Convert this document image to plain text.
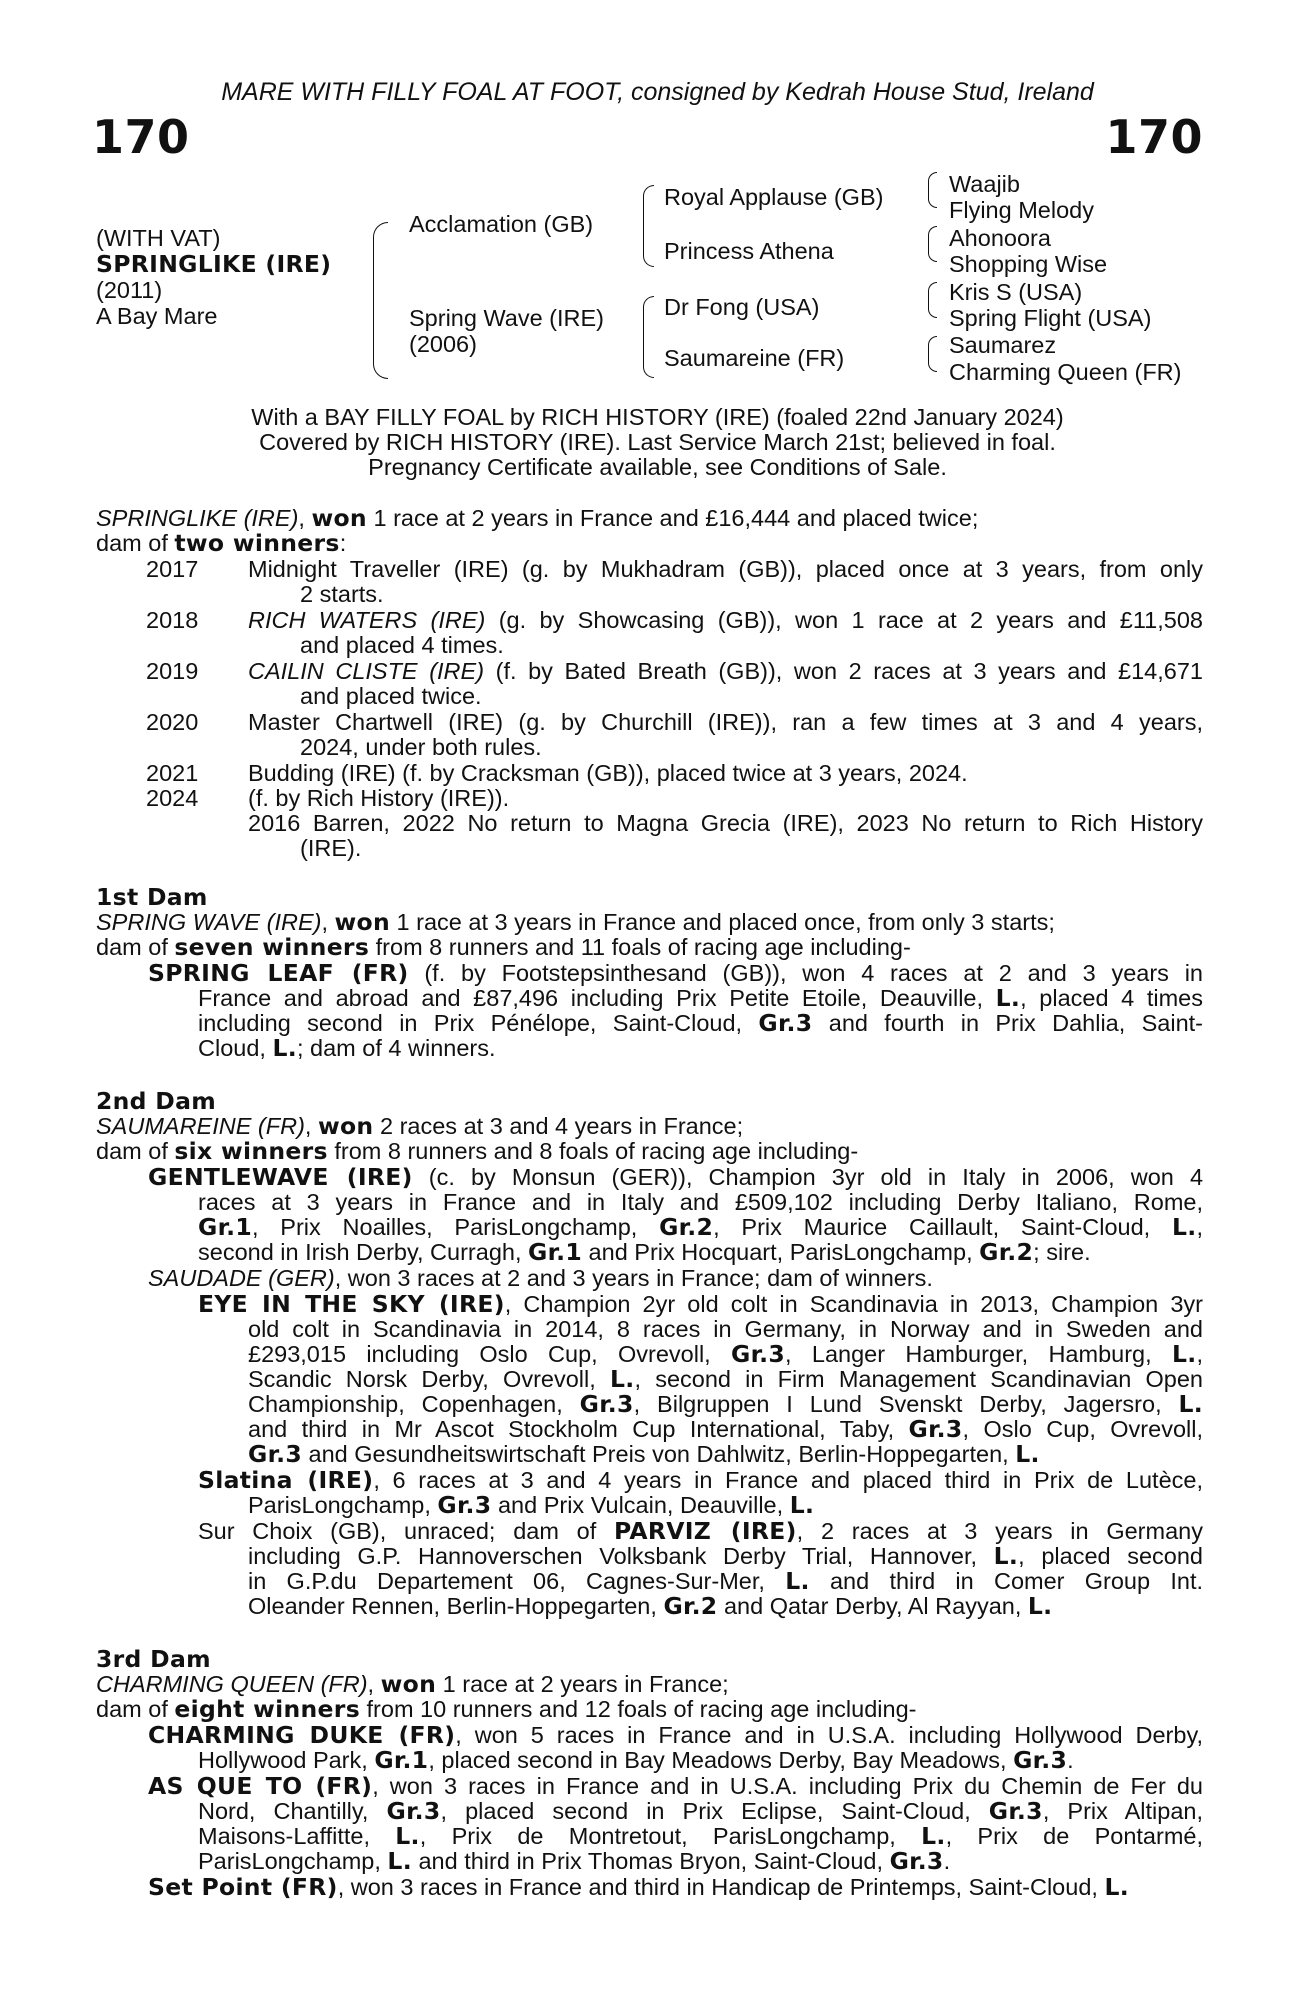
MARE WITH FILLY FOAL AT FOOT, consigned by Kedrah House Stud, Ireland
170	170
(WITH VAT)
SPRINGLIKE (IRE)
(2011)
A Bay Mare
Acclamation (GB)
Spring Wave (IRE)
(2006)
Royal Applause (GB)
Princess Athena
Dr Fong (USA)
Saumareine (FR)
Waajib
Flying Melody
Ahonoora
Shopping Wise
Kris S (USA)
Spring Flight (USA)
Saumarez
Charming Queen (FR)
With a BAY FILLY FOAL by RICH HISTORY (IRE) (foaled 22nd January 2024)
Covered by RICH HISTORY (IRE). Last Service March 21st; believed in foal.
Pregnancy Certificate available, see Conditions of Sale.
SPRINGLIKE (IRE), won 1 race at 2 years in France and £16,444 and placed twice;
dam of two winners:
2017 Midnight Traveller (IRE) (g. by Mukhadram (GB)), placed once at 3 years, from only
2 starts.
2018 RICH WATERS (IRE) (g. by Showcasing (GB)), won 1 race at 2 years and £11,508
and placed 4 times.
2019 CAILIN CLISTE (IRE) (f. by Bated Breath (GB)), won 2 races at 3 years and £14,671
and placed twice.
2020 Master Chartwell (IRE) (g. by Churchill (IRE)), ran a few times at 3 and 4 years,
2024, under both rules.
2021 Budding (IRE) (f. by Cracksman (GB)), placed twice at 3 years, 2024.
2024 (f. by Rich History (IRE)).
2016 Barren, 2022 No return to Magna Grecia (IRE), 2023 No return to Rich History
(IRE).
1st Dam
SPRING WAVE (IRE), won 1 race at 3 years in France and placed once, from only 3 starts;
dam of seven winners from 8 runners and 11 foals of racing age including-
SPRING LEAF (FR) (f. by Footstepsinthesand (GB)), won 4 races at 2 and 3 years in
France and abroad and £87,496 including Prix Petite Etoile, Deauville, L., placed 4 times
including second in Prix Pénélope, Saint-Cloud, Gr.3 and fourth in Prix Dahlia, Saint-
Cloud, L.; dam of 4 winners.
2nd Dam
SAUMAREINE (FR), won 2 races at 3 and 4 years in France;
dam of six winners from 8 runners and 8 foals of racing age including-
GENTLEWAVE (IRE) (c. by Monsun (GER)), Champion 3yr old in Italy in 2006, won 4
races at 3 years in France and in Italy and £509,102 including Derby Italiano, Rome,
Gr.1, Prix Noailles, ParisLongchamp, Gr.2, Prix Maurice Caillault, Saint-Cloud, L.,
second in Irish Derby, Curragh, Gr.1 and Prix Hocquart, ParisLongchamp, Gr.2; sire.
SAUDADE (GER), won 3 races at 2 and 3 years in France; dam of winners.
EYE IN THE SKY (IRE), Champion 2yr old colt in Scandinavia in 2013, Champion 3yr
old colt in Scandinavia in 2014, 8 races in Germany, in Norway and in Sweden and
£293,015 including Oslo Cup, Ovrevoll, Gr.3, Langer Hamburger, Hamburg, L.,
Scandic Norsk Derby, Ovrevoll, L., second in Firm Management Scandinavian Open
Championship, Copenhagen, Gr.3, Bilgruppen I Lund Svenskt Derby, Jagersro, L.
and third in Mr Ascot Stockholm Cup International, Taby, Gr.3, Oslo Cup, Ovrevoll,
Gr.3 and Gesundheitswirtschaft Preis von Dahlwitz, Berlin-Hoppegarten, L.
Slatina (IRE), 6 races at 3 and 4 years in France and placed third in Prix de Lutèce,
ParisLongchamp, Gr.3 and Prix Vulcain, Deauville, L.
Sur Choix (GB), unraced; dam of PARVIZ (IRE), 2 races at 3 years in Germany
including G.P. Hannoverschen Volksbank Derby Trial, Hannover, L., placed second
in G.P.du Departement 06, Cagnes-Sur-Mer, L. and third in Comer Group Int.
Oleander Rennen, Berlin-Hoppegarten, Gr.2 and Qatar Derby, Al Rayyan, L.
3rd Dam
CHARMING QUEEN (FR), won 1 race at 2 years in France;
dam of eight winners from 10 runners and 12 foals of racing age including-
CHARMING DUKE (FR), won 5 races in France and in U.S.A. including Hollywood Derby,
Hollywood Park, Gr.1, placed second in Bay Meadows Derby, Bay Meadows, Gr.3.
AS QUE TO (FR), won 3 races in France and in U.S.A. including Prix du Chemin de Fer du
Nord, Chantilly, Gr.3, placed second in Prix Eclipse, Saint-Cloud, Gr.3, Prix Altipan,
Maisons-Laffitte, L., Prix de Montretout, ParisLongchamp, L., Prix de Pontarmé,
ParisLongchamp, L. and third in Prix Thomas Bryon, Saint-Cloud, Gr.3.
Set Point (FR), won 3 races in France and third in Handicap de Printemps, Saint-Cloud, L.
